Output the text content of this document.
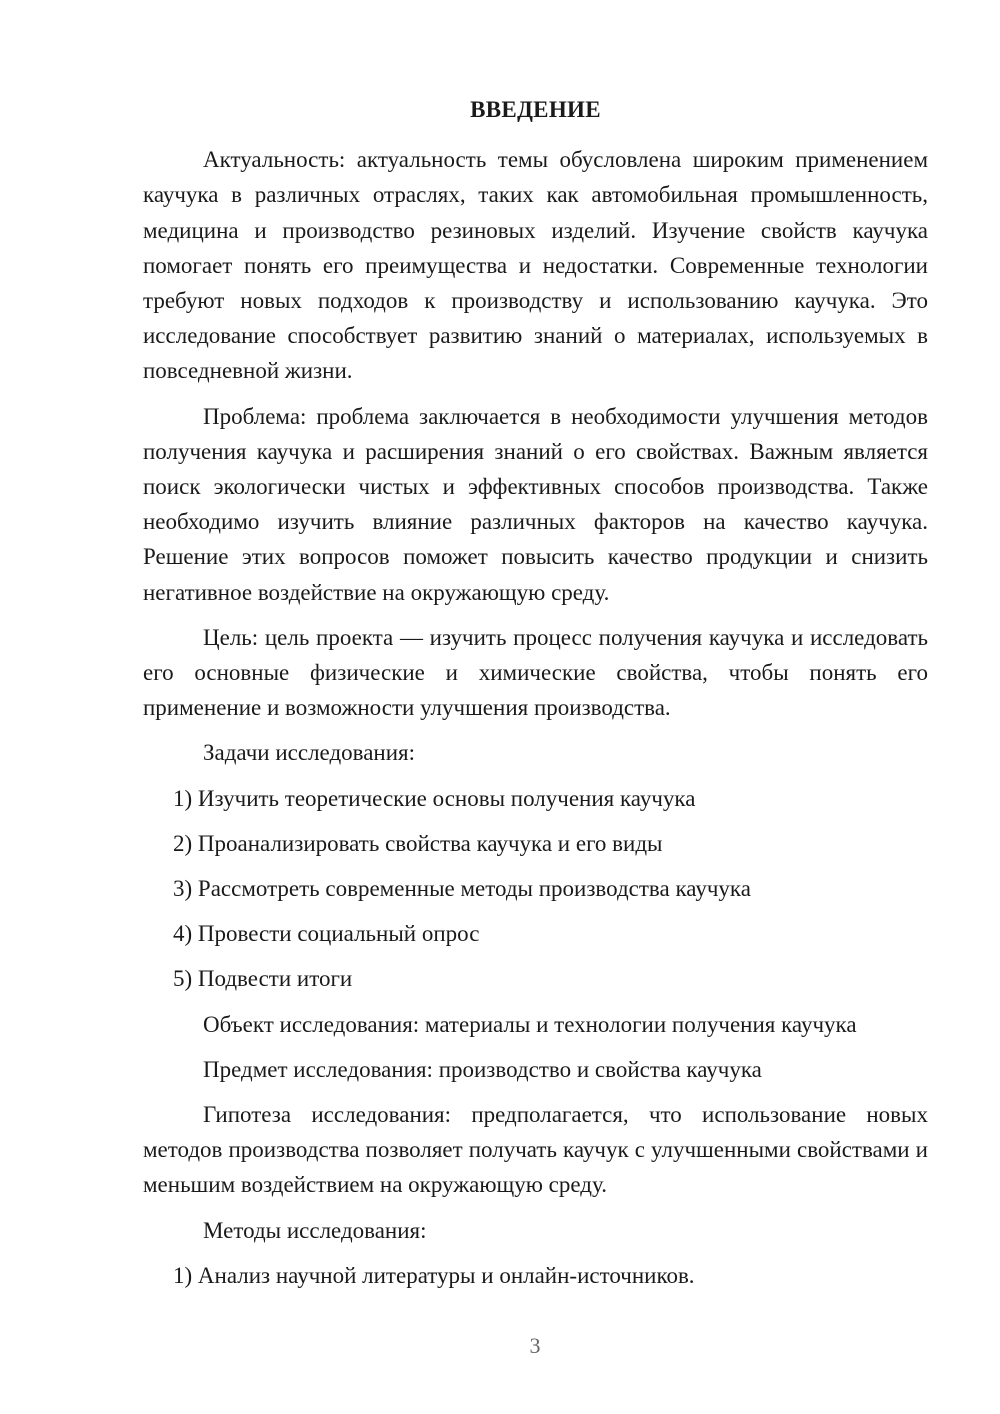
ВВЕДЕНИЕ

Актуальность: актуальность темы обусловлена широким применением каучука в различных отраслях, таких как автомобильная промышленность, медицина и производство резиновых изделий. Изучение свойств каучука помогает понять его преимущества и недостатки. Современные технологии требуют новых подходов к производству и использованию каучука. Это исследование способствует развитию знаний о материалах, используемых в повседневной жизни.

Проблема: проблема заключается в необходимости улучшения методов получения каучука и расширения знаний о его свойствах. Важным является поиск экологически чистых и эффективных способов производства. Также необходимо изучить влияние различных факторов на качество каучука. Решение этих вопросов поможет повысить качество продукции и снизить негативное воздействие на окружающую среду.

Цель: цель проекта — изучить процесс получения каучука и исследовать его основные физические и химические свойства, чтобы понять его применение и возможности улучшения производства.

Задачи исследования:
1) Изучить теоретические основы получения каучука
2) Проанализировать свойства каучука и его виды
3) Рассмотреть современные методы производства каучука
4) Провести социальный опрос
5) Подвести итоги
Объект исследования: материалы и технологии получения каучука
Предмет исследования: производство и свойства каучука

Гипотеза исследования: предполагается, что использование новых методов производства позволяет получать каучук с улучшенными свойствами и меньшим воздействием на окружающую среду.

Методы исследования:
1) Анализ научной литературы и онлайн-источников.
3
